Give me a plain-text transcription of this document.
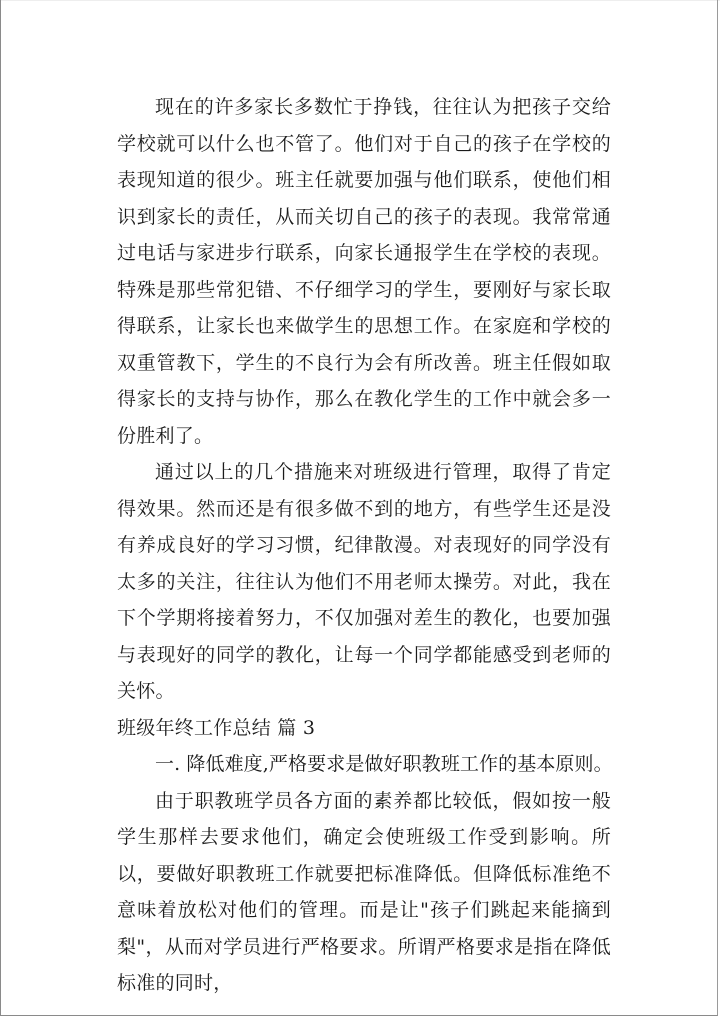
现在的许多家长多数忙于挣钱，往往认为把孩子交给学校就可以什么也不管了。他们对于自己的孩子在学校的表现知道的很少。班主任就要加强与他们联系，使他们相识到家长的责任，从而关切自己的孩子的表现。我常常通过电话与家进步行联系，向家长通报学生在学校的表现。特殊是那些常犯错、不仔细学习的学生，要刚好与家长取得联系，让家长也来做学生的思想工作。在家庭和学校的双重管教下，学生的不良行为会有所改善。班主任假如取得家长的支持与协作，那么在教化学生的工作中就会多一份胜利了。

通过以上的几个措施来对班级进行管理，取得了肯定得效果。然而还是有很多做不到的地方，有些学生还是没有养成良好的学习习惯，纪律散漫。对表现好的同学没有太多的关注，往往认为他们不用老师太操劳。对此，我在下个学期将接着努力，不仅加强对差生的教化，也要加强与表现好的同学的教化，让每一个同学都能感受到老师的关怀。

班级年终工作总结 篇 3

一. 降低难度,严格要求是做好职教班工作的基本原则。

由于职教班学员各方面的素养都比较低，假如按一般学生那样去要求他们，确定会使班级工作受到影响。所以，要做好职教班工作就要把标准降低。但降低标准绝不意味着放松对他们的管理。而是让"孩子们跳起来能摘到梨"，从而对学员进行严格要求。所谓严格要求是指在降低标准的同时，
